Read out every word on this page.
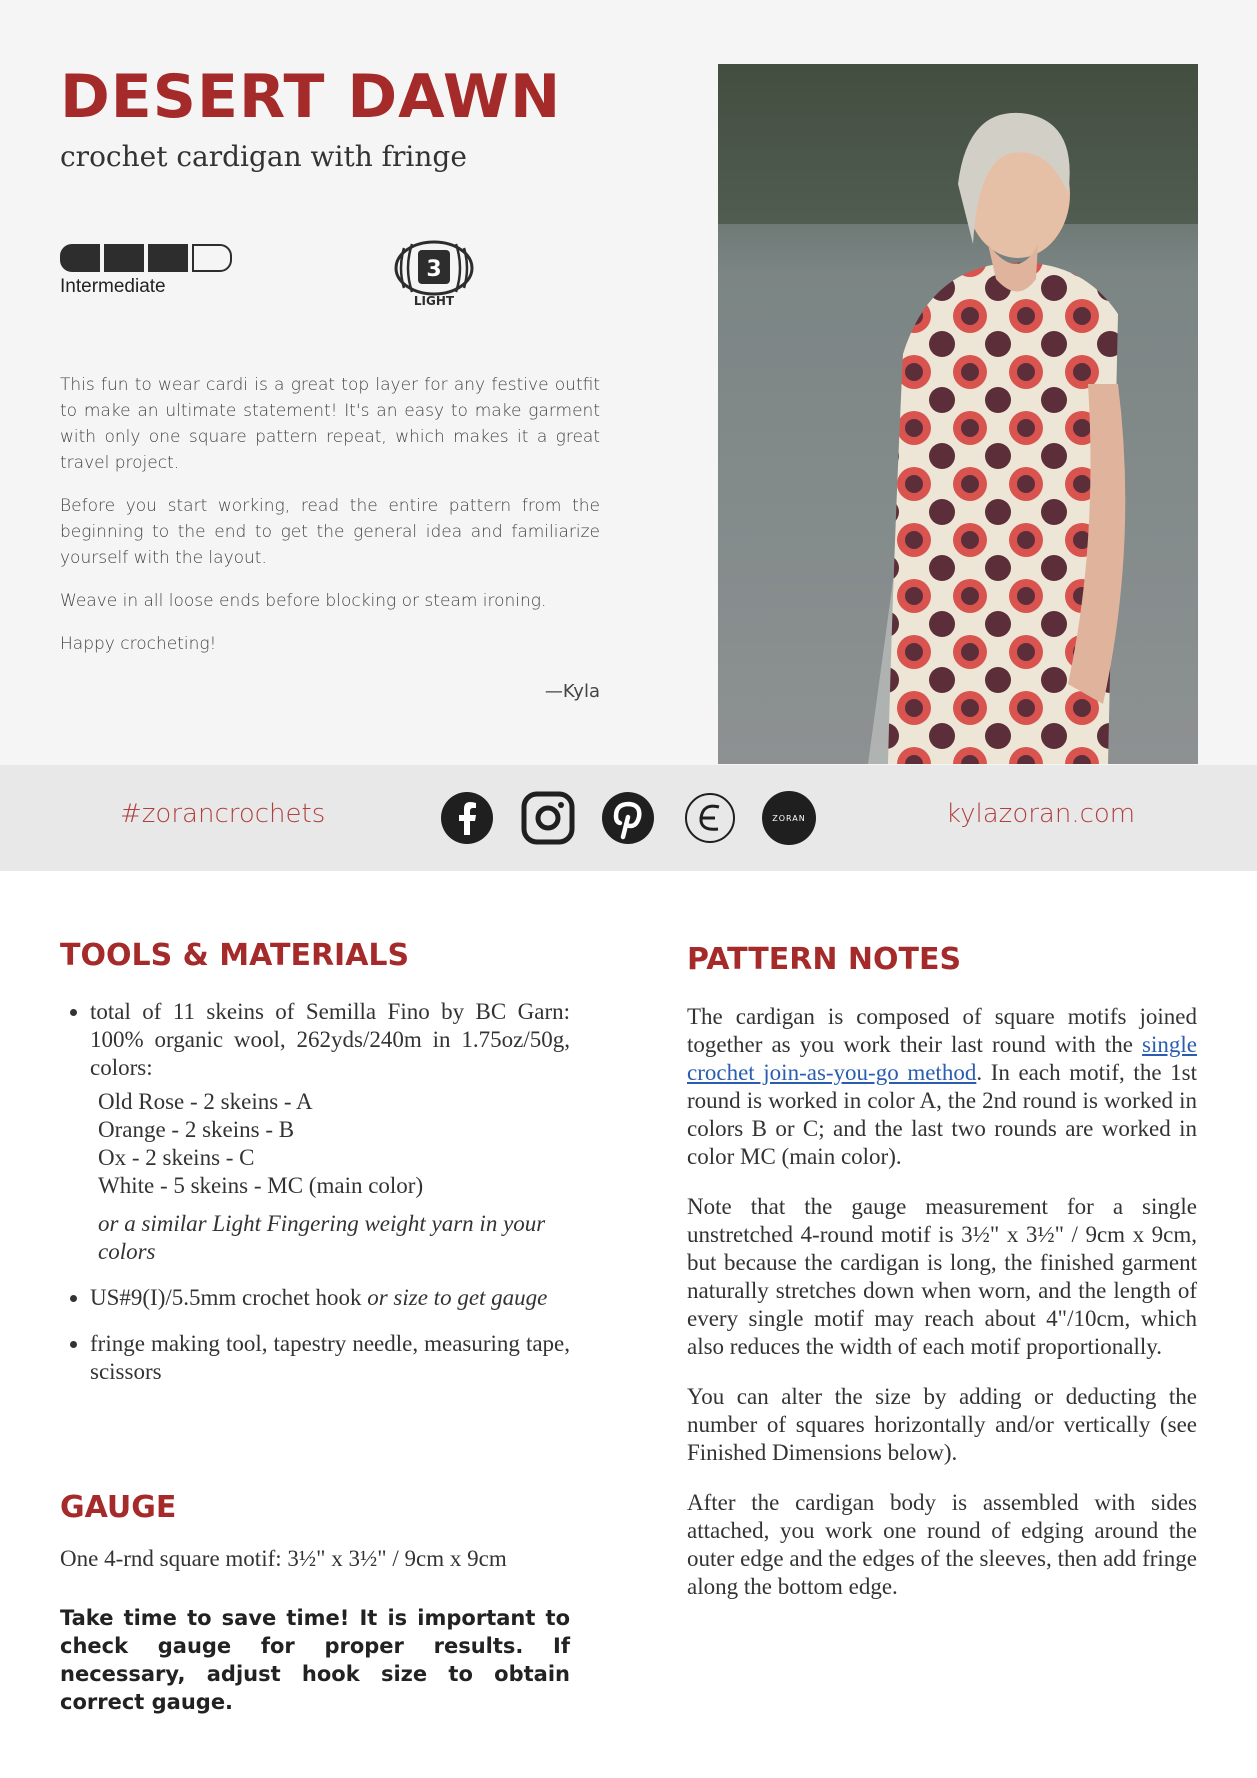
DESERT DAWN
crochet cardigan with fringe
Intermediate
3
LIGHT

This fun to wear cardi is a great top layer for any festive outfit to make an ultimate statement! It's an easy to make garment with only one square pattern repeat, which makes it a great travel project.

Before you start working, read the entire pattern from the beginning to the end to get the general idea and familiarize yourself with the layout.

Weave in all loose ends before blocking or steam ironing.

Happy crocheting!

—Kyla
#zorancrochets	ZORAN	kylazoran.com
TOOLS & MATERIALS
• total of 11 skeins of Semilla Fino by BC Garn: 100% organic wool, 262yds/240m in 1.75oz/50g, colors:
Old Rose - 2 skeins - A
Orange - 2 skeins - B
Ox - 2 skeins - C
White - 5 skeins - MC (main color)
or a similar Light Fingering weight yarn in your colors
• US#9(I)/5.5mm crochet hook or size to get gauge
• fringe making tool, tapestry needle, measuring tape, scissors
GAUGE
One 4-rnd square motif: 3½" x 3½" / 9cm x 9cm
Take time to save time! It is important to check gauge for proper results. If necessary, adjust hook size to obtain correct gauge.
PATTERN NOTES

The cardigan is composed of square motifs joined together as you work their last round with the single crochet join-as-you-go method. In each motif, the 1st round is worked in color A, the 2nd round is worked in colors B or C; and the last two rounds are worked in color MC (main color).

Note that the gauge measurement for a single unstretched 4-round motif is 3½" x 3½" / 9cm x 9cm, but because the cardigan is long, the finished garment naturally stretches down when worn, and the length of every single motif may reach about 4"/10cm, which also reduces the width of each motif proportionally.

You can alter the size by adding or deducting the number of squares horizontally and/or vertically (see Finished Dimensions below).

After the cardigan body is assembled with sides attached, you work one round of edging around the outer edge and the edges of the sleeves, then add fringe along the bottom edge.
